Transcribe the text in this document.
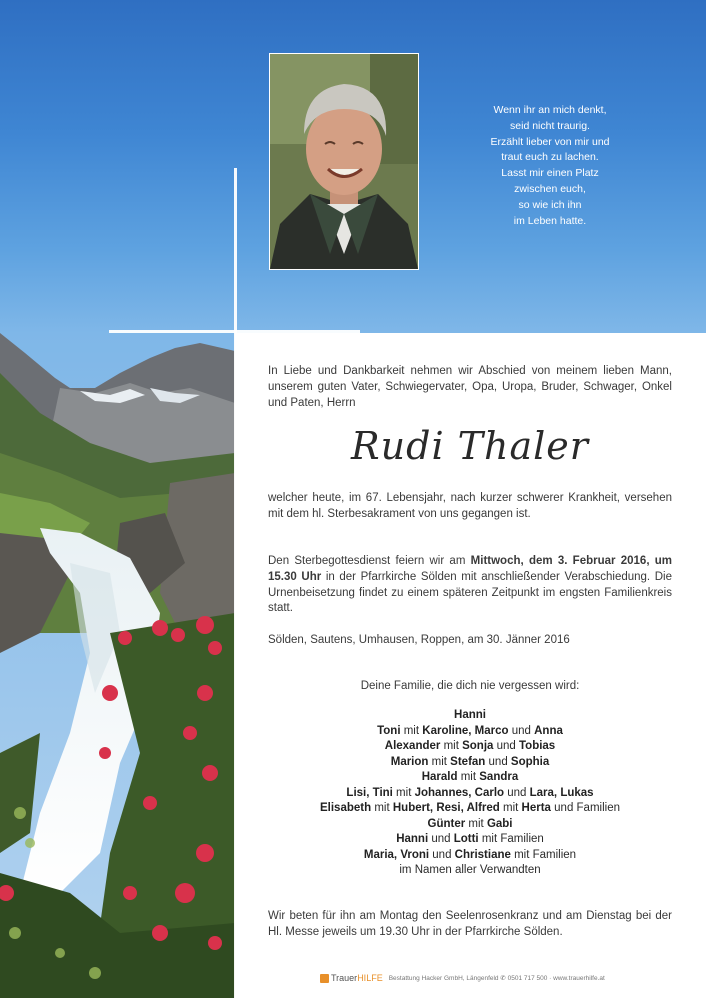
Wenn ihr an mich denkt,
seid nicht traurig.
Erzählt lieber von mir und
traut euch zu lachen.
Lasst mir einen Platz
zwischen euch,
so wie ich ihn
im Leben hatte.
In Liebe und Dankbarkeit nehmen wir Abschied von meinem lieben Mann, unserem guten Vater, Schwiegervater, Opa, Uropa, Bruder, Schwager, Onkel und Paten, Herrn
Rudi Thaler
welcher heute, im 67. Lebensjahr, nach kurzer schwerer Krankheit, versehen mit dem hl. Sterbesakrament von uns gegangen ist.
Den Sterbegottesdienst feiern wir am Mittwoch, dem 3. Februar 2016, um 15.30 Uhr in der Pfarrkirche Sölden mit anschließender Verabschiedung. Die Urnenbeisetzung findet zu einem späteren Zeitpunkt im engsten Familienkreis statt.
Sölden, Sautens, Umhausen, Roppen, am 30. Jänner 2016
Deine Familie, die dich nie vergessen wird:
Hanni
Toni mit Karoline, Marco und Anna
Alexander mit Sonja und Tobias
Marion mit Stefan und Sophia
Harald mit Sandra
Lisi, Tini mit Johannes, Carlo und Lara, Lukas
Elisabeth mit Hubert, Resi, Alfred mit Herta und Familien
Günter mit Gabi
Hanni und Lotti mit Familien
Maria, Vroni und Christiane mit Familien
im Namen aller Verwandten
Wir beten für ihn am Montag den Seelenrosenkranz und am Dienstag bei der Hl. Messe jeweils um 19.30 Uhr in der Pfarrkirche Sölden.
TrauerHILFE Bestattung Hacker GmbH, Längenfeld ✆ 0501 717 500 · www.trauerhilfe.at
